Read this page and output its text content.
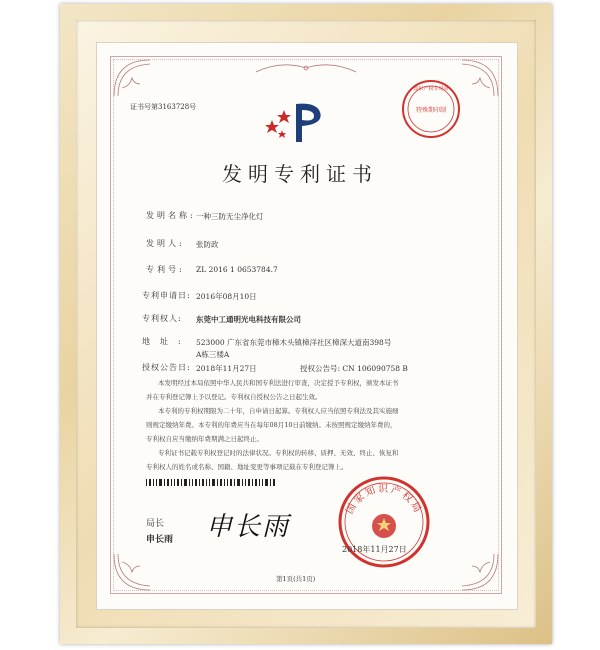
证书号第3163728号	特殊期印制
知识产权专用章
发明专利证书
发明名称: 一种三防无尘净化灯
发明人: 张防政
专利号: ZL 2016 1 0653784.7
专利申请日: 2016年08月10日
专利权人: 东莞中工通明光电科技有限公司
地址: 523000 广东省东莞市樟木头镇樟洋社区樟深大道南398号
A栋三楼A
授权公告日: 2018年11月27日	授权公告号: CN 106090758 B
本发明经过本局依照中华人民共和国专利法进行审查，决定授予专利权，颁发本证书
并在专利登记簿上予以登记。专利权自授权公告之日起生效。
本专利的专利权期限为二十年，自申请日起算。专利权人应当依照专利法及其实施细
则规定缴纳年费。本专利的年费应当在每年08月10日前缴纳。未按照规定缴纳年费的，
专利权自应当缴纳年费期满之日起终止。
专利证书记载专利权登记时的法律状况。专利权的转移、质押、无效、终止、恢复和
专利权人的姓名或名称、国籍、地址变更等事项记载在专利登记簿上。
局长
申长雨 申长雨
国家知识产权局
2018年11月27日
第1页(共1页)
